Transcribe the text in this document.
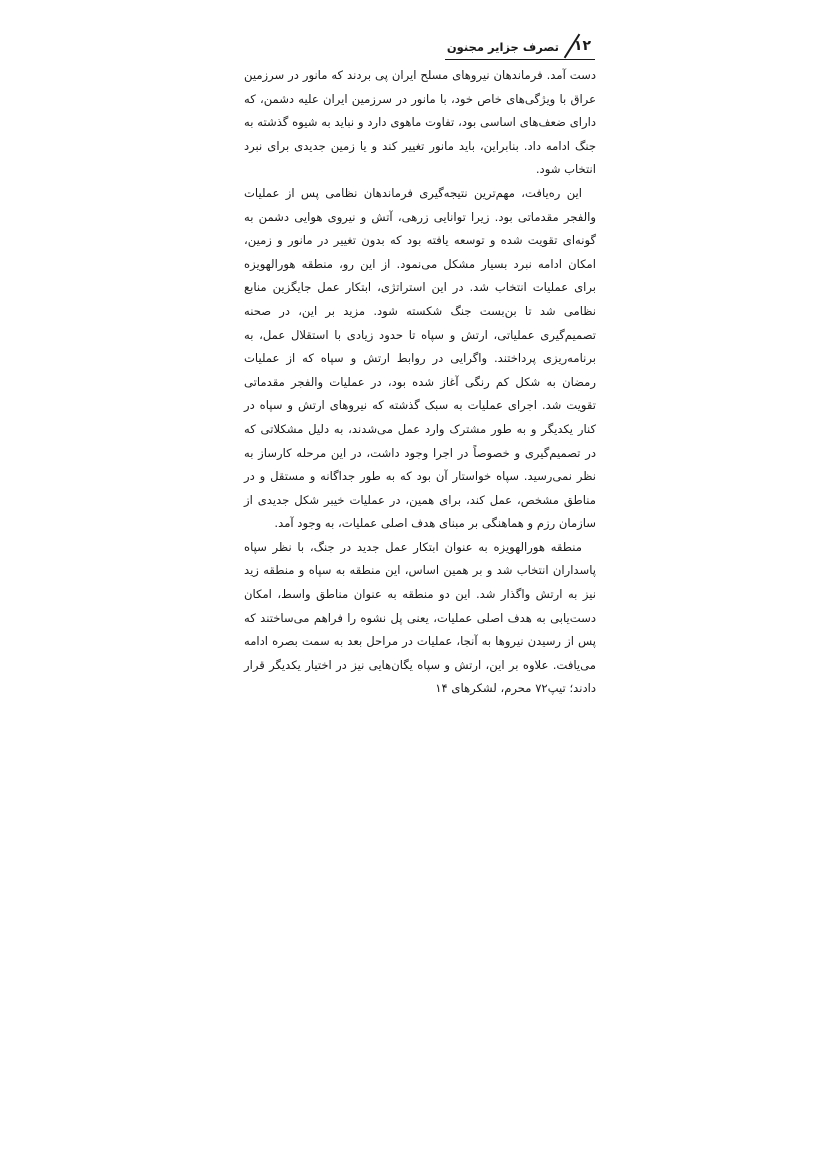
۱۲
تصرف جزایر مجنون

دست آمد. فرماندهان نیروهای مسلح ایران پی بردند که مانور در سرزمین عراق با ویژگی‌های خاص خود، با مانور در سرزمین ایران علیه دشمن، که دارای ضعف‌های اساسی بود، تفاوت ماهوی دارد و نباید به شیوه گذشته به جنگ ادامه داد. بنابراین، باید مانور تغییر کند و یا زمین جدیدی برای نبرد انتخاب شود.

این ره‌یافت، مهم‌ترین نتیجه‌گیری فرماندهان نظامی پس از عملیات والفجر مقدماتی بود. زیرا توانایی زرهی، آتش و نیروی هوایی دشمن به گونه‌ای تقویت شده و توسعه یافته بود که بدون تغییر در مانور و زمین، امکان ادامه نبرد بسیار مشکل می‌نمود. از این رو، منطقه هورالهویزه برای عملیات انتخاب شد. در این استراتژی، ابتکار عمل جایگزین منابع نظامی شد تا بن‌بست جنگ شکسته شود. مزید بر این، در صحنه تصمیم‌گیری عملیاتی، ارتش و سپاه تا حدود زیادی با استقلال عمل، به برنامه‌ریزی پرداختند. واگرایی در روابط ارتش و سپاه که از عملیات رمضان به شکل کم رنگی آغاز شده بود، در عملیات والفجر مقدماتی تقویت شد. اجرای عملیات به سبک گذشته که نیروهای ارتش و سپاه در کنار یکدیگر و به طور مشترک وارد عمل می‌شدند، به دلیل مشکلاتی که در تصمیم‌گیری و خصوصاً در اجرا وجود داشت، در این مرحله کارساز به نظر نمی‌رسید. سپاه خواستار آن بود که به طور جداگانه و مستقل و در مناطق مشخص، عمل کند، برای همین، در عملیات خیبر شکل جدیدی از سازمان رزم و هماهنگی بر مبنای هدف اصلی عملیات، به وجود آمد.

منطقه هورالهویزه به عنوان ابتکار عمل جدید در جنگ، با نظر سپاه پاسداران انتخاب شد و بر همین اساس، این منطقه به سپاه و منطقه زید نیز به ارتش واگذار شد. این دو منطقه به عنوان مناطق واسط، امکان دست‌یابی به هدف اصلی عملیات، یعنی پل نشوه را فراهم می‌ساختند که پس از رسیدن نیروها به آنجا، عملیات در مراحل بعد به سمت بصره ادامه می‌یافت. علاوه بر این، ارتش و سپاه یگان‌هایی نیز در اختیار یکدیگر قرار دادند؛ تیپ۷۲ محرم، لشکرهای ۱۴
